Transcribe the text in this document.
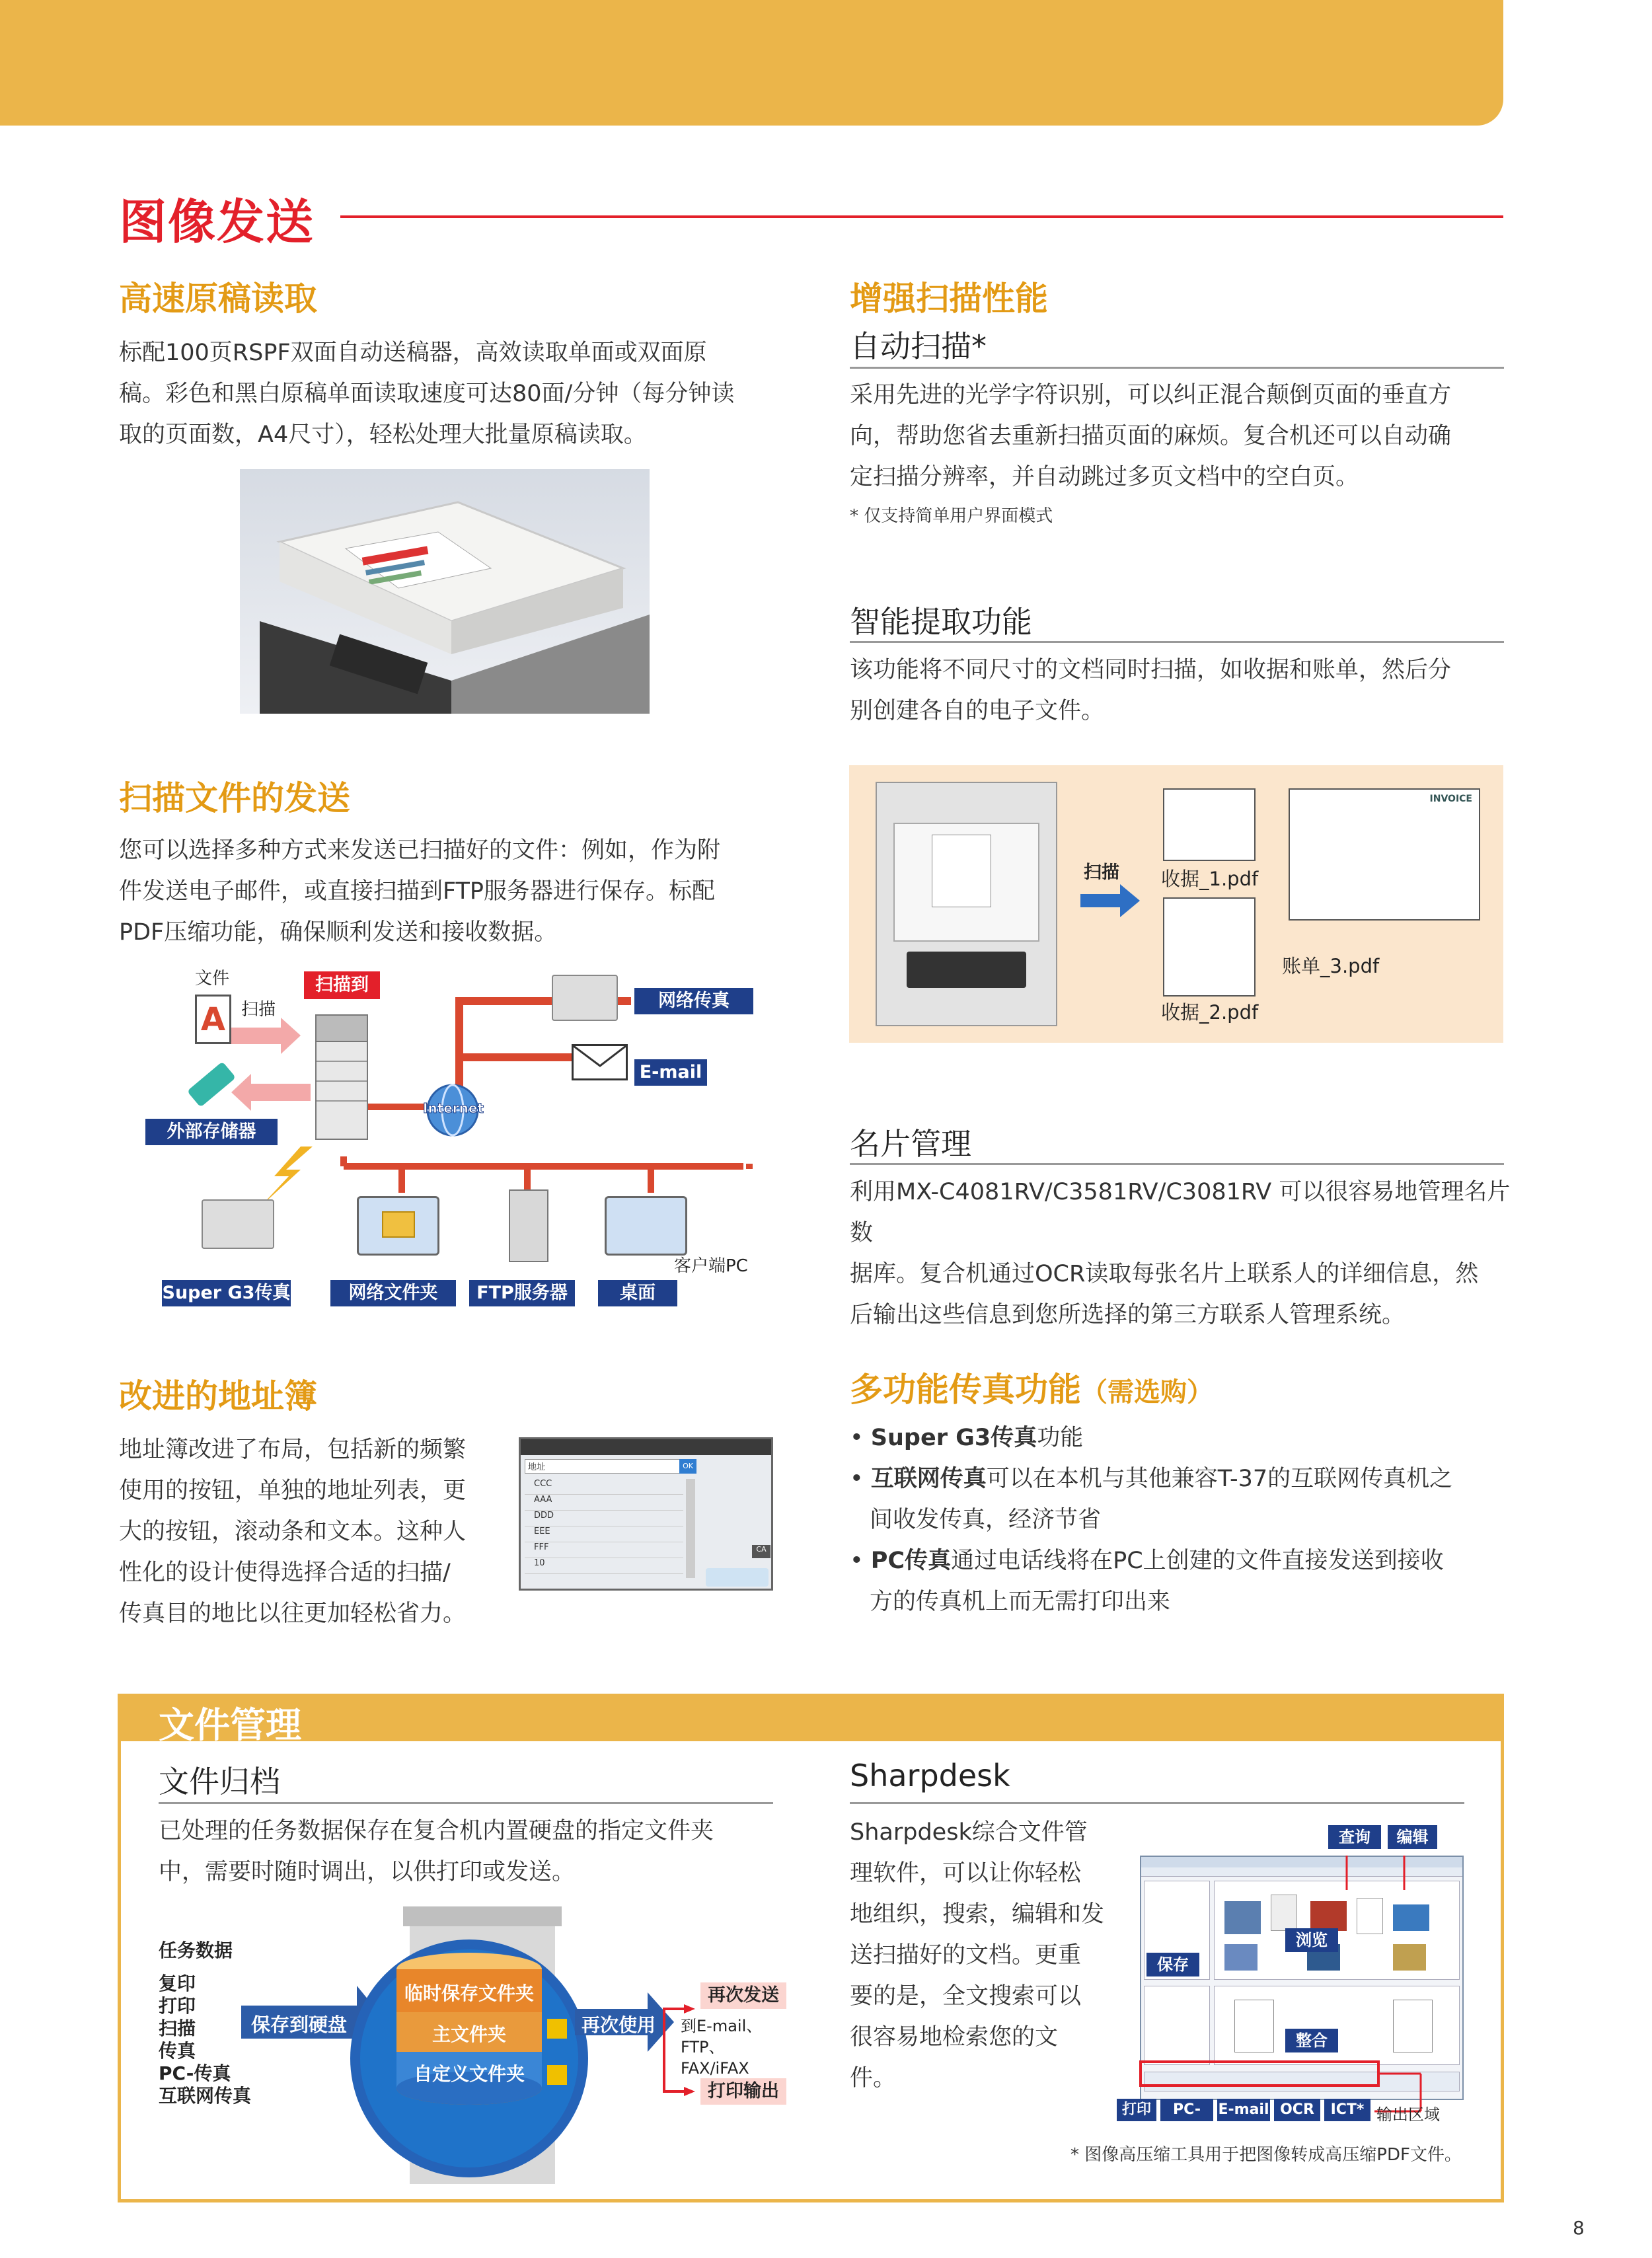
图像发送
高速原稿读取
标配100页RSPF双面自动送稿器，高效读取单面或双面原
稿。彩色和黑白原稿单面读取速度可达80面/分钟（每分钟读
取的页面数，A4尺寸），轻松处理大批量原稿读取。
扫描文件的发送
您可以选择多种方式来发送已扫描好的文件：例如，作为附
件发送电子邮件，或直接扫描到FTP服务器进行保存。标配
PDF压缩功能，确保顺利发送和接收数据。
文件
A 扫描
扫描到
外部存储器
网络传真
E-mail
Internet
客户端PC
Super G3传真	网络文件夹	FTP服务器	桌面
改进的地址簿
地址簿改进了布局，包括新的频繁
使用的按钮，单独的地址列表，更
大的按钮，滚动条和文本。这种人
性化的设计使得选择合适的扫描/
传真目的地比以往更加轻松省力。
地址	OK
CCC
AAA
DDD
EEE
FFF
10
CA
增强扫描性能
自动扫描*
采用先进的光学字符识别，可以纠正混合颠倒页面的垂直方
向，帮助您省去重新扫描页面的麻烦。复合机还可以自动确
定扫描分辨率，并自动跳过多页文档中的空白页。
* 仅支持简单用户界面模式
智能提取功能
该功能将不同尺寸的文档同时扫描，如收据和账单，然后分
别创建各自的电子文件。
扫描 收据_1.pdf
收据_2.pdf
INVOICE
账单_3.pdf
名片管理
利用MX-C4081RV/C3581RV/C3081RV 可以很容易地管理名片数
据库。复合机通过OCR读取每张名片上联系人的详细信息，然
后输出这些信息到您所选择的第三方联系人管理系统。
多功能传真功能（需选购）
• Super G3传真功能
• 互联网传真可以在本机与其他兼容T-37的互联网传真机之
间收发传真，经济节省
• PC传真通过电话线将在PC上创建的文件直接发送到接收
方的传真机上而无需打印出来
文件管理
文件归档
已处理的任务数据保存在复合机内置硬盘的指定文件夹
中，需要时随时调出，以供打印或发送。
任务数据
复印
打印
扫描
传真
PC-传真
互联网传真
保存到硬盘
临时保存文件夹
主文件夹
自定义文件夹
再次使用
再次发送
到E-mail、
FTP、FAX/iFAX
打印输出
Sharpdesk
Sharpdesk综合文件管
理软件，可以让你轻松
地组织，搜索，编辑和发
送扫描好的文档。更重
要的是，全文搜索可以
很容易地检索您的文
件。
查询	编辑
浏览
保存
整合
打印	PC-Fax
E-mail OCR	ICT* 输出区域
* 图像高压缩工具用于把图像转成高压缩PDF文件。
8
